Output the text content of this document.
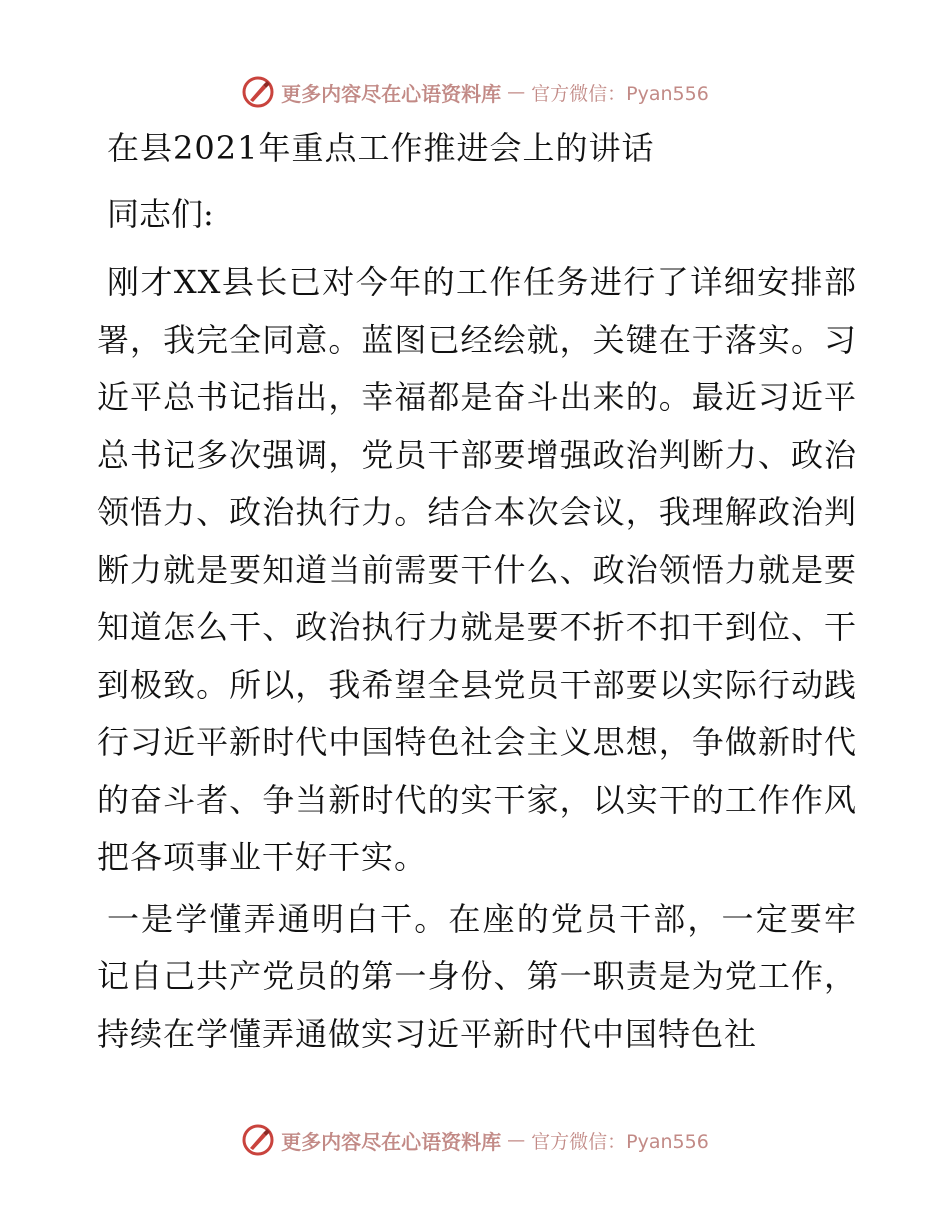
更多内容尽在心语资料库 — 官方微信：Pyan556

在县2021年重点工作推进会上的讲话

同志们:

刚才XX县长已对今年的工作任务进行了详细安排部署，我完全同意。蓝图已经绘就，关键在于落实。习近平总书记指出，幸福都是奋斗出来的。最近习近平总书记多次强调，党员干部要增强政治判断力、政治领悟力、政治执行力。结合本次会议，我理解政治判断力就是要知道当前需要干什么、政治领悟力就是要知道怎么干、政治执行力就是要不折不扣干到位、干到极致。所以，我希望全县党员干部要以实际行动践行习近平新时代中国特色社会主义思想，争做新时代的奋斗者、争当新时代的实干家，以实干的工作作风把各项事业干好干实。

一是学懂弄通明白干。在座的党员干部，一定要牢记自己共产党员的第一身份、第一职责是为党工作，持续在学懂弄通做实习近平新时代中国特色社

更多内容尽在心语资料库 — 官方微信：Pyan556
